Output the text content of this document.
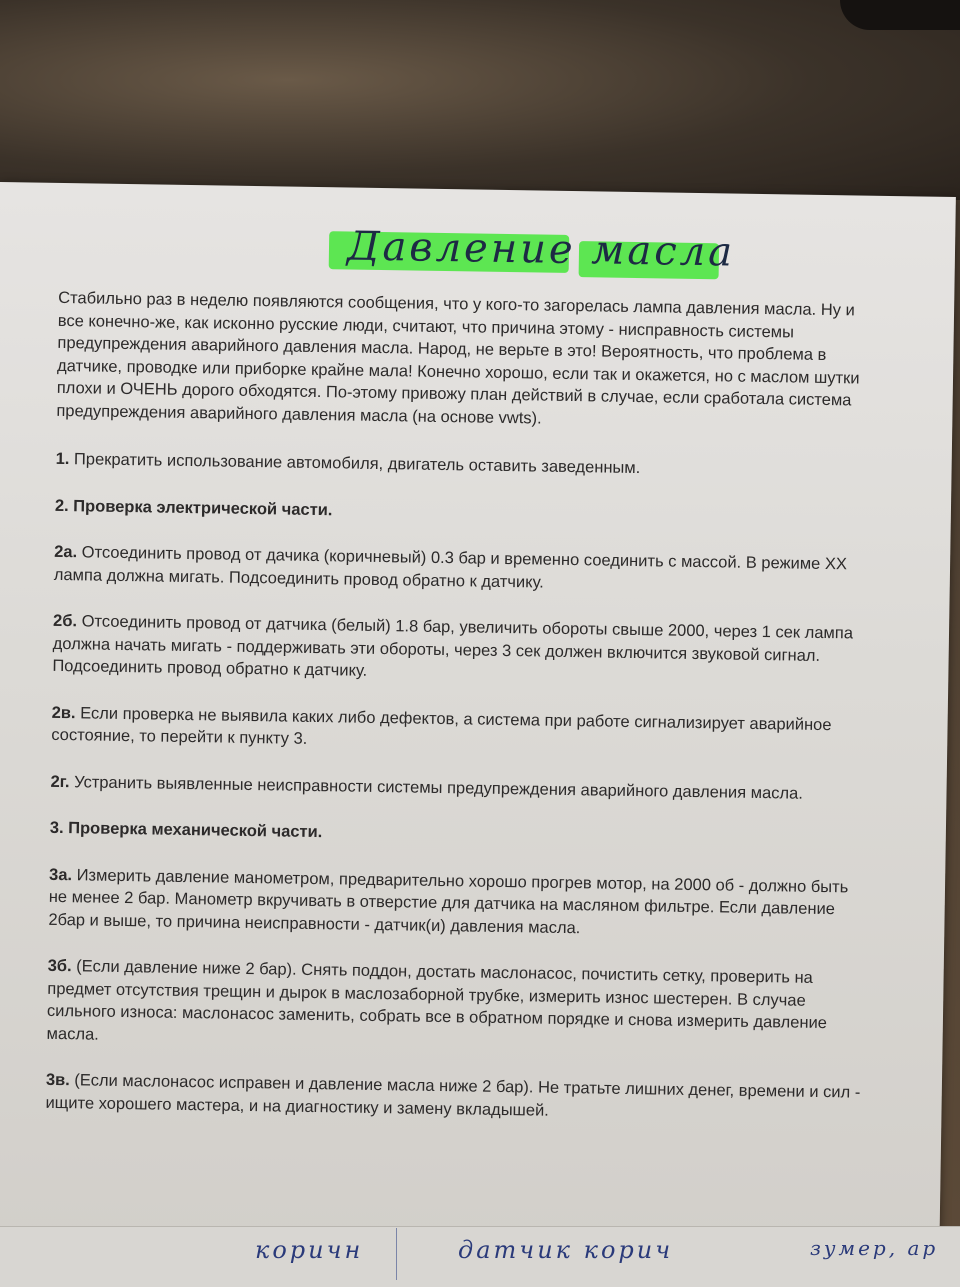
Давление масла

Стабильно раз в неделю появляются сообщения, что у кого-то загорелась лампа давления масла. Ну и все конечно-же, как исконно русские люди, считают, что причина этому - нисправность системы предупреждения аварийного давления масла. Народ, не верьте в это! Вероятность, что проблема в датчике, проводке или приборке крайне мала! Конечно хорошо, если так и окажется, но с маслом шутки плохи и ОЧЕНЬ дорого обходятся. По-этому привожу план действий в случае, если сработала система предупреждения аварийного давления масла (на основе vwts).

1. Прекратить использование автомобиля, двигатель оставить заведенным.

2. Проверка электрической части.

2а. Отсоединить провод от дачика (коричневый) 0.3 бар и временно соединить с массой. В режиме ХХ лампа должна мигать. Подсоединить провод обратно к датчику.

2б. Отсоединить провод от датчика (белый) 1.8 бар, увеличить обороты свыше 2000, через 1 сек лампа должна начать мигать - поддерживать эти обороты, через 3 сек должен включится звуковой сигнал. Подсоединить провод обратно к датчику.

2в. Если проверка не выявила каких либо дефектов, а система при работе сигнализирует аварийное состояние, то перейти к пункту 3.

2г. Устранить выявленные неисправности системы предупреждения аварийного давления масла.

3. Проверка механической части.

3а. Измерить давление манометром, предварительно хорошо прогрев мотор, на 2000 об - должно быть не менее 2 бар. Манометр вкручивать в отверстие для датчика на масляном фильтре. Если давление 2бар и выше, то причина неисправности - датчик(и) давления масла.

3б. (Если давление ниже 2 бар). Снять поддон, достать маслонасос, почистить сетку, проверить на предмет отсутствия трещин и дырок в маслозаборной трубке, измерить износ шестерен. В случае сильного износа: маслонасос заменить, собрать все в обратном порядке и снова измерить давление масла.

3в. (Если маслонасос исправен и давление масла ниже 2 бар). Не тратьте лишних денег, времени и сил - ищите хорошего мастера, и на диагностику и замену вкладышей.

коричн	датчик корич	зумер, ар
